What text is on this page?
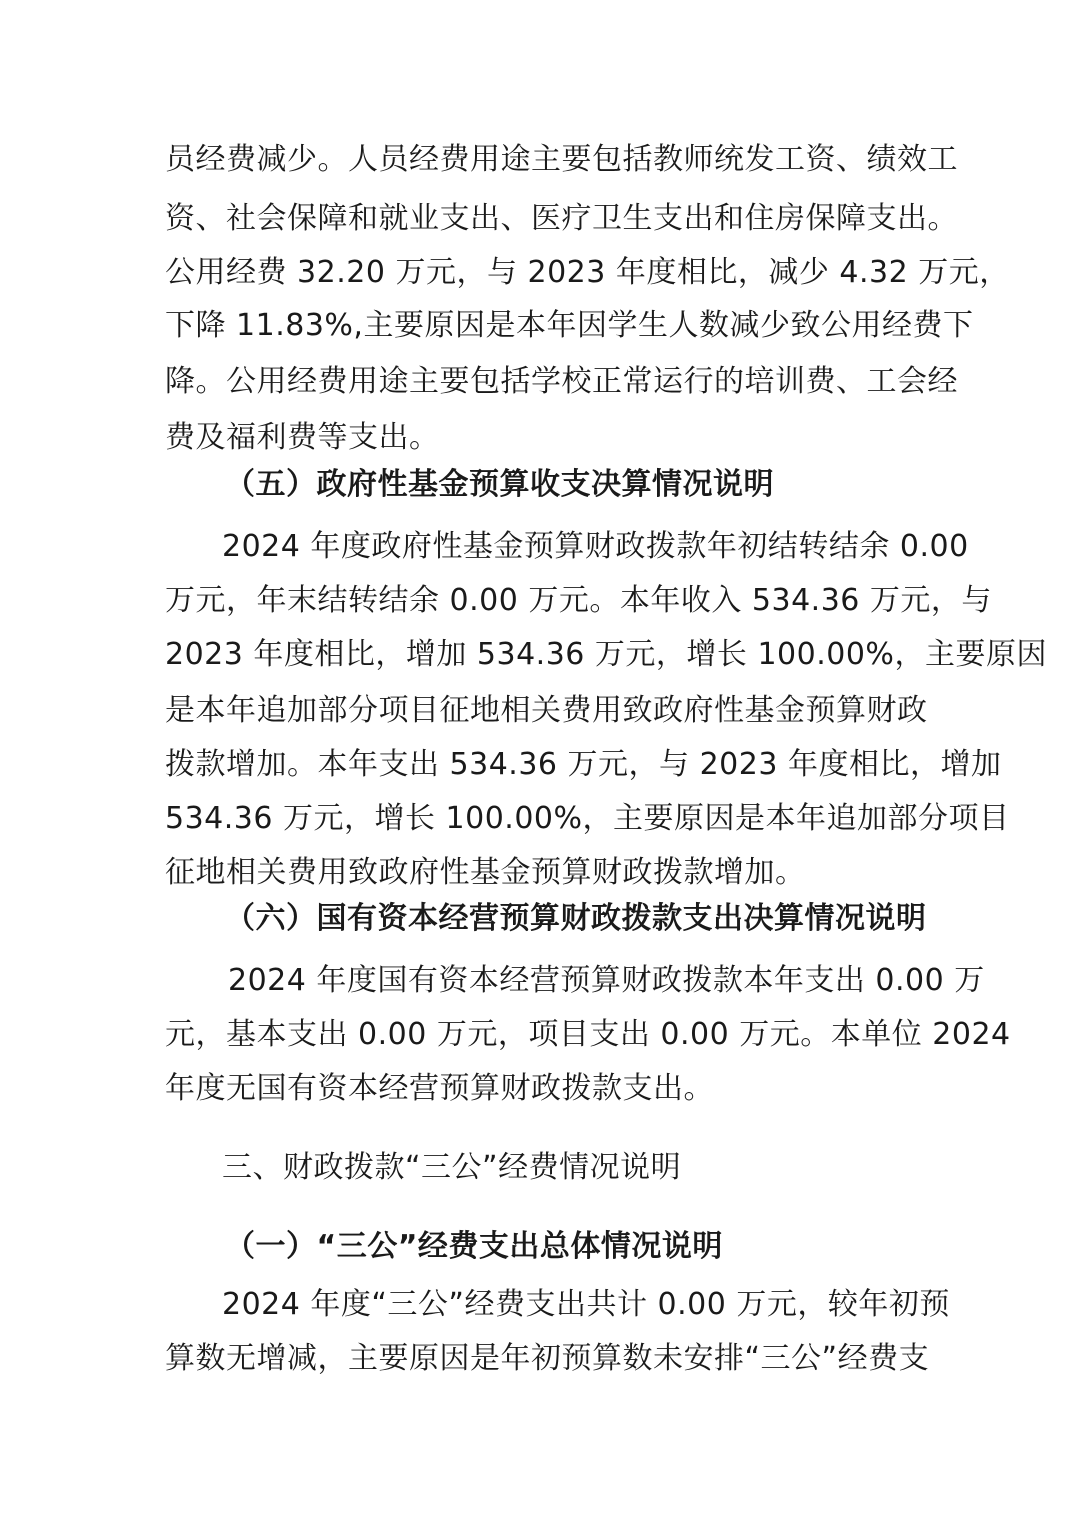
员经费减少。人员经费用途主要包括教师统发工资、绩效工
资、社会保障和就业支出、医疗卫生支出和住房保障支出。
公用经费 32.20 万元，与 2023 年度相比，减少 4.32 万元，
下降 11.83%,主要原因是本年因学生人数减少致公用经费下
降。公用经费用途主要包括学校正常运行的培训费、工会经
费及福利费等支出。
（五）政府性基金预算收支决算情况说明
2024 年度政府性基金预算财政拨款年初结转结余 0.00
万元，年末结转结余 0.00 万元。本年收入 534.36 万元，与
2023 年度相比，增加 534.36 万元，增长 100.00%，主要原因
是本年追加部分项目征地相关费用致政府性基金预算财政
拨款增加。本年支出 534.36 万元，与 2023 年度相比，增加
534.36 万元，增长 100.00%，主要原因是本年追加部分项目
征地相关费用致政府性基金预算财政拨款增加。
（六）国有资本经营预算财政拨款支出决算情况说明
2024 年度国有资本经营预算财政拨款本年支出 0.00 万
元，基本支出 0.00 万元，项目支出 0.00 万元。本单位 2024
年度无国有资本经营预算财政拨款支出。
三、财政拨款“三公”经费情况说明
（一）“三公”经费支出总体情况说明
2024 年度“三公”经费支出共计 0.00 万元，较年初预
算数无增减，主要原因是年初预算数未安排“三公”经费支
